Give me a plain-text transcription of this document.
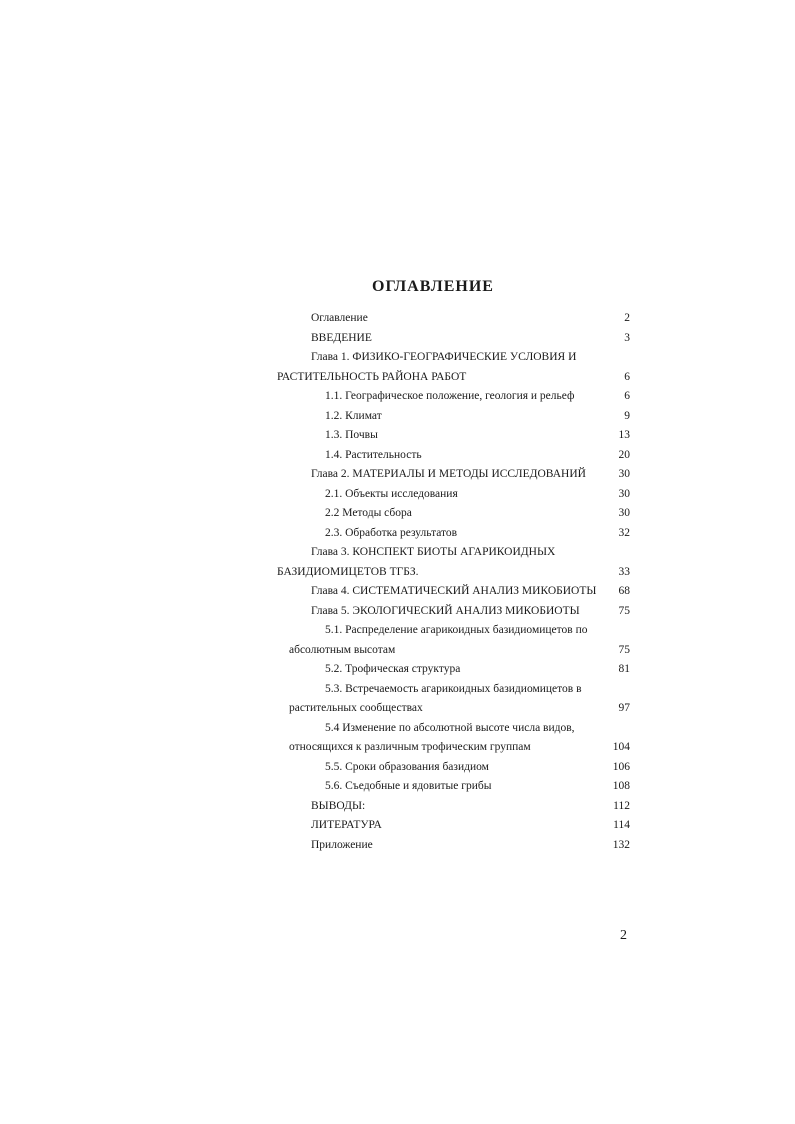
ОГЛАВЛЕНИЕ
Оглавление	2
ВВЕДЕНИЕ	3
Глава 1. ФИЗИКО-ГЕОГРАФИЧЕСКИЕ УСЛОВИЯ И
РАСТИТЕЛЬНОСТЬ РАЙОНА РАБОТ	6
1.1. Географическое положение, геология и рельеф	6
1.2. Климат	9
1.3. Почвы	13
1.4. Растительность	20
Глава 2. МАТЕРИАЛЫ И МЕТОДЫ ИССЛЕДОВАНИЙ	30
2.1. Объекты исследования	30
2.2 Методы сбора	30
2.3. Обработка результатов	32
Глава 3. КОНСПЕКТ БИОТЫ АГАРИКОИДНЫХ
БАЗИДИОМИЦЕТОВ ТГБЗ.	33
Глава 4. СИСТЕМАТИЧЕСКИЙ АНАЛИЗ МИКОБИОТЫ	68
Глава 5. ЭКОЛОГИЧЕСКИЙ АНАЛИЗ МИКОБИОТЫ	75
5.1. Распределение агарикоидных базидиомицетов по
абсолютным высотам	75
5.2. Трофическая структура	81
5.3. Встречаемость агарикоидных базидиомицетов в
растительных сообществах	97
5.4 Изменение по абсолютной высоте числа видов,
относящихся к различным трофическим группам	104
5.5. Сроки образования базидиом	106
5.6. Съедобные и ядовитые грибы	108
ВЫВОДЫ:	112
ЛИТЕРАТУРА	114
Приложение	132
2
